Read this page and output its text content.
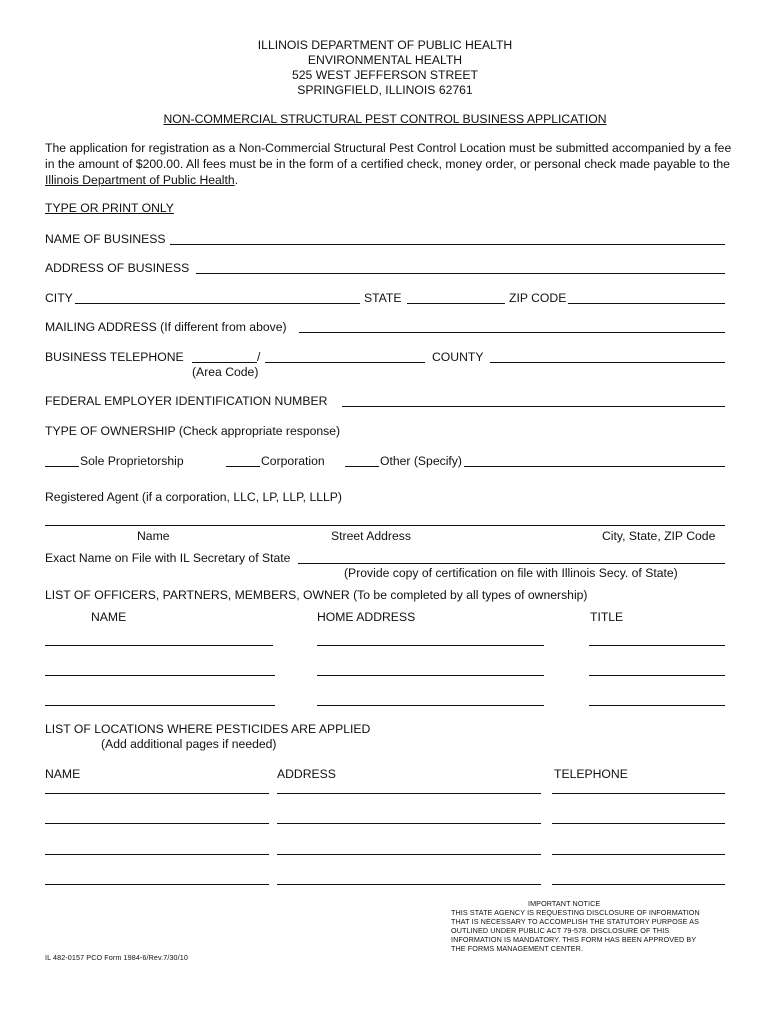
ILLINOIS DEPARTMENT OF PUBLIC HEALTH
ENVIRONMENTAL HEALTH
525 WEST JEFFERSON STREET
SPRINGFIELD, ILLINOIS 62761
NON-COMMERCIAL STRUCTURAL PEST CONTROL BUSINESS APPLICATION
The application for registration as a Non-Commercial Structural Pest Control Location must be submitted accompanied by a fee in the amount of $200.00. All fees must be in the form of a certified check, money order, or personal check made payable to the Illinois Department of Public Health.
TYPE OR PRINT ONLY
NAME OF BUSINESS
ADDRESS OF BUSINESS
CITY	STATE	ZIP CODE
MAILING ADDRESS (If different from above)
BUSINESS TELEPHONE	/
(Area Code)
COUNTY
FEDERAL EMPLOYER IDENTIFICATION NUMBER
TYPE OF OWNERSHIP (Check appropriate response)
Sole Proprietorship	Corporation	Other (Specify)
Registered Agent (if a corporation, LLC, LP, LLP, LLLP)
Name	Street Address	City, State, ZIP Code
Exact Name on File with IL Secretary of State
(Provide copy of certification on file with Illinois Secy. of State)
LIST OF OFFICERS, PARTNERS, MEMBERS, OWNER (To be completed by all types of ownership)
NAME	HOME ADDRESS	TITLE
LIST OF LOCATIONS WHERE PESTICIDES ARE APPLIED
(Add additional pages if needed)
NAME	ADDRESS	TELEPHONE
IMPORTANT NOTICE
THIS STATE AGENCY IS REQUESTING DISCLOSURE OF INFORMATION
THAT IS NECESSARY TO ACCOMPLISH THE STATUTORY PURPOSE AS
OUTLINED UNDER PUBLIC ACT 79-578. DISCLOSURE OF THIS
INFORMATION IS MANDATORY. THIS FORM HAS BEEN APPROVED BY
THE FORMS MANAGEMENT CENTER.
IL 482-0157 PCO Form 1984-6/Rev.7/30/10
